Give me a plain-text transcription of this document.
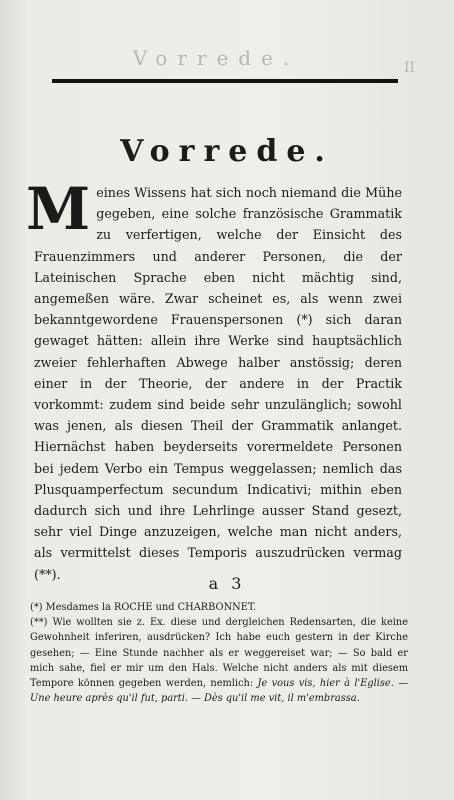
Vorrede.	II
Vorrede.
Meines Wissens hat sich noch niemand die Mühe gegeben, eine solche französische Grammatik zu verfertigen, welche der Einsicht des Frauenzimmers und anderer Personen, die der Lateinischen Sprache eben nicht mächtig sind, angemeßen wäre. Zwar scheinet es, als wenn zwei bekanntgewordene Frauenspersonen (*) sich daran gewaget hätten: allein ihre Werke sind hauptsächlich zweier fehlerhaften Abwege halber anstössig; deren einer in der Theorie, der andere in der Practik vorkommt: zudem sind beide sehr unzulänglich; sowohl was jenen, als diesen Theil der Grammatik anlanget. Hiernächst haben beyderseits vorermeldete Personen bei jedem Verbo ein Tempus weggelassen; nemlich das Plusquamperfectum secundum Indicativi; mithin eben dadurch sich und ihre Lehrlinge ausser Stand gesezt, sehr viel Dinge anzuzeigen, welche man nicht anders, als vermittelst dieses Temporis auszudrücken vermag (**).	a 3

(*) Mesdames la ROCHE und CHARBONNET.

(**) Wie wollten sie z. Ex. diese und dergleichen Redensarten, die keine Gewohnheit inferiren, ausdrücken? Ich habe euch gestern in der Kirche gesehen; — Eine Stunde nachher als er weggereiset war; — So bald er mich sahe, fiel er mir um den Hals. Welche nicht anders als mit diesem Tempore können gegeben werden, nemlich: Je vous vis, hier à l'Eglise. — Une heure après qu'il fut, parti. — Dès qu'il me vit, il m'embrassa.
